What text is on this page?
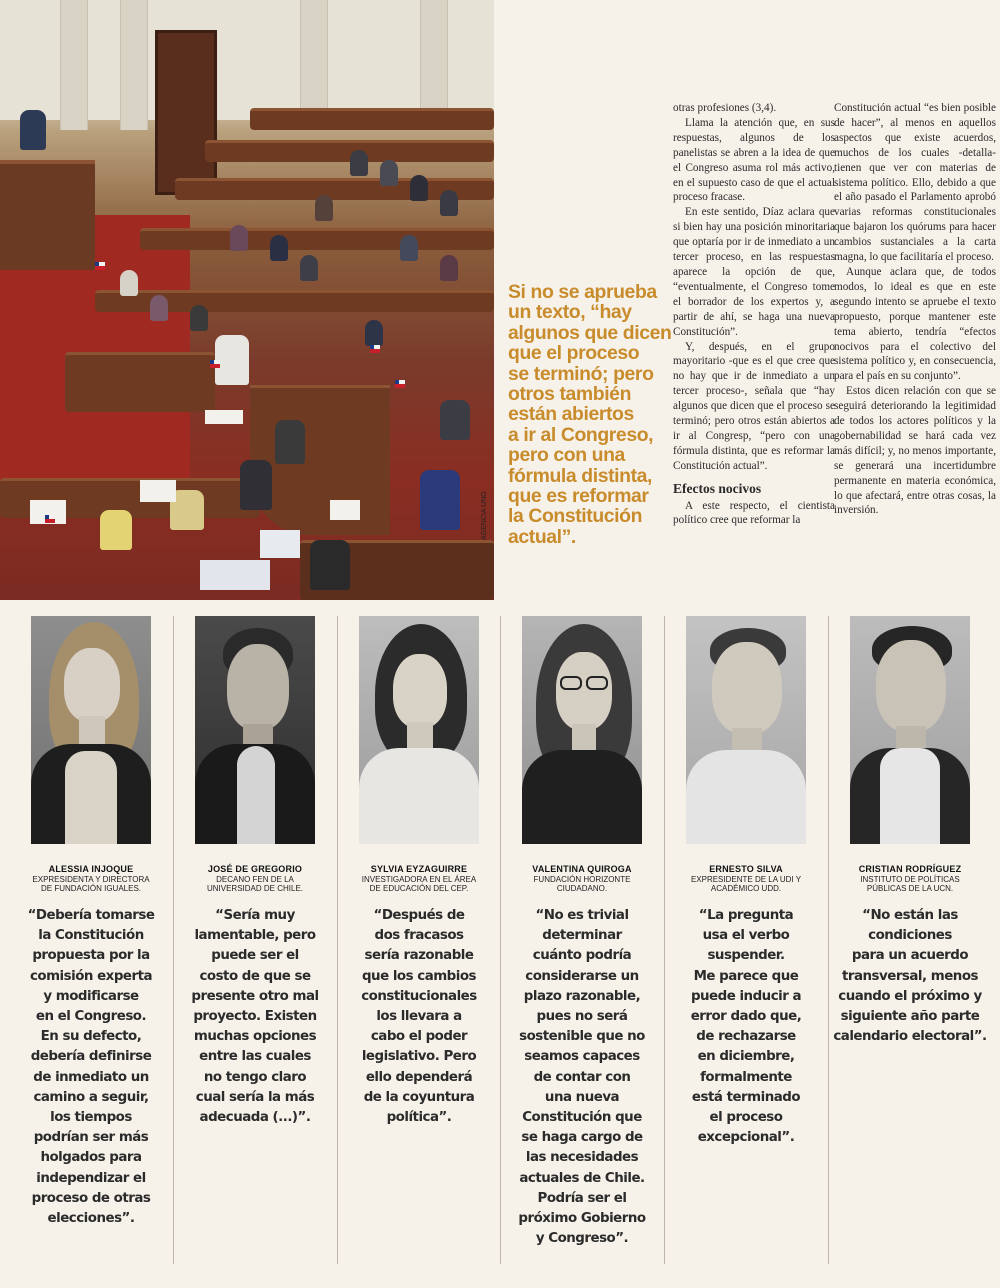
AGENCIA UNO
Si no se aprueba
un texto, “hay
algunos que dicen
que el proceso
se terminó; pero
otros también
están abiertos
a ir al Congreso,
pero con una
fórmula distinta,
que es reformar
la Constitución
actual”.

otras profesiones (3,4).

Llama la atención que, en sus respuestas, algunos de los panelistas se abren a la idea de que el Congreso asuma rol más activo, en el supuesto caso de que el actual proceso fracase.

En este sentido, Díaz aclara que si bien hay una posición minoritaria que optaría por ir de inmediato a un tercer proceso, en las respuestas aparece la opción de que, “eventualmente, el Congreso tome el borrador de los expertos y, a partir de ahí, se haga una nueva Constitución”.

Y, después, en el grupo mayoritario -que es el que cree que no hay que ir de inmediato a un tercer proceso-, señala que “hay algunos que dicen que el proceso se terminó; pero otros están abiertos a ir al Congresp, “pero con una fórmula distinta, que es reformar la Constitución actual”.

Efectos nocivos

A este respecto, el cientista político cree que reformar la

Constitución actual “es bien posible de hacer”, al menos en aquellos aspectos que existe acuerdos, muchos de los cuales -detalla- tienen que ver con materias de sistema político. Ello, debido a que el año pasado el Parlamento aprobó varias reformas constitucionales que bajaron los quórums para hacer cambios sustanciales a la carta magna, lo que facilitaría el proceso.

Aunque aclara que, de todos modos, lo ideal es que en este segundo intento se apruebe el texto propuesto, porque mantener este tema abierto, tendría “efectos nocivos para el colectivo del sistema político y, en consecuencia, para el país en su conjunto”.

Estos dicen relación con que se seguirá deteriorando la legitimidad de todos los actores políticos y la gobernabilidad se hará cada vez más difícil; y, no menos importante, se generará una incertidumbre permanente en materia económica, lo que afectará, entre otras cosas, la inversión.

ALESSIA INJOQUE
EXPRESIDENTA Y DIRECTORA
DE FUNDACIÓN IGUALES.
“Debería tomarse
la Constitución
propuesta por la
comisión experta
y modificarse
en el Congreso.
En su defecto,
debería definirse
de inmediato un
camino a seguir,
los tiempos
podrían ser más
holgados para
independizar el
proceso de otras
elecciones”.
JOSÉ DE GREGORIO
DECANO FEN DE LA
UNIVERSIDAD DE CHILE.
“Sería muy
lamentable, pero
puede ser el
costo de que se
presente otro mal
proyecto. Existen
muchas opciones
entre las cuales
no tengo claro
cual sería la más
adecuada (...)”.
SYLVIA EYZAGUIRRE
INVESTIGADORA EN EL ÁREA
DE EDUCACIÓN DEL CEP.
“Después de
dos fracasos
sería razonable
que los cambios
constitucionales
los llevara a
cabo el poder
legislativo. Pero
ello dependerá
de la coyuntura
política”.
VALENTINA QUIROGA
FUNDACIÓN HORIZONTE
CIUDADANO.
“No es trivial
determinar
cuánto podría
considerarse un
plazo razonable,
pues no será
sostenible que no
seamos capaces
de contar con
una nueva
Constitución que
se haga cargo de
las necesidades
actuales de Chile.
Podría ser el
próximo Gobierno
y Congreso”.
ERNESTO SILVA
EXPRESIDENTE DE LA UDI Y
ACADÉMICO UDD.
“La pregunta
usa el verbo
suspender.
Me parece que
puede inducir a
error dado que,
de rechazarse
en diciembre,
formalmente
está terminado
el proceso
excepcional”.
CRISTIAN RODRÍGUEZ
INSTITUTO DE POLÍTICAS
PÚBLICAS DE LA UCN.
“No están las
condiciones
para un acuerdo
transversal, menos
cuando el próximo y
siguiente año parte
calendario electoral”.
